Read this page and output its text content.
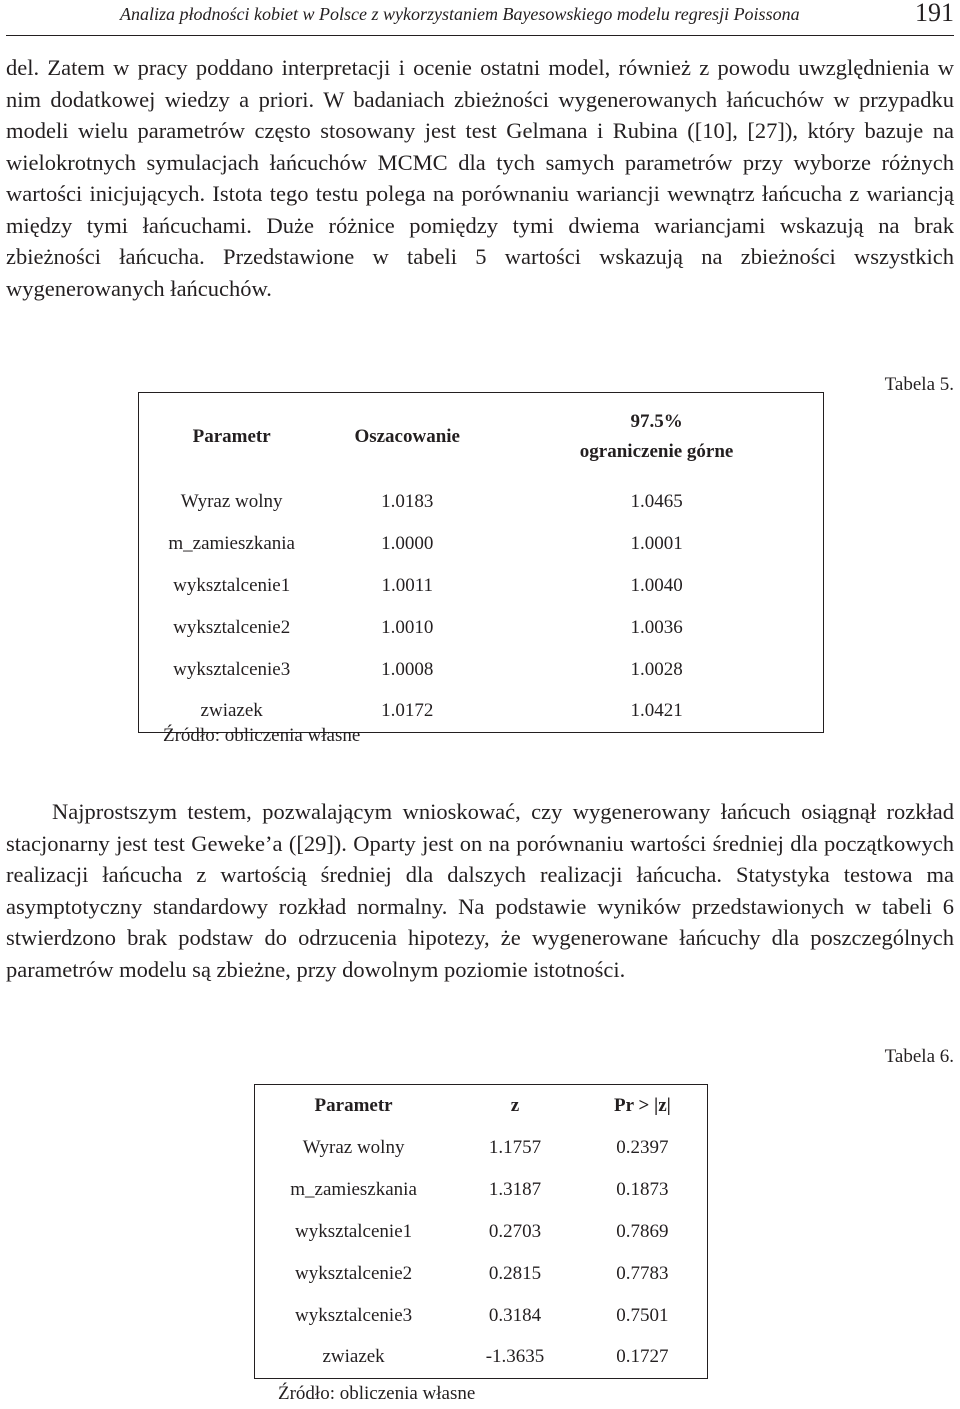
Analiza płodności kobiet w Polsce z wykorzystaniem Bayesowskiego modelu regresji Poissona	191

del. Zatem w pracy poddano interpretacji i ocenie ostatni model, również z powodu uwzględnienia w nim dodatkowej wiedzy a priori. W badaniach zbieżności wygenerowanych łańcuchów w przypadku modeli wielu parametrów często stosowany jest test Gelmana i Rubina ([10], [27]), który bazuje na wielokrotnych symulacjach łańcuchów MCMC dla tych samych parametrów przy wyborze różnych wartości inicjujących. Istota tego testu polega na porównaniu wariancji wewnątrz łańcucha z wariancją między tymi łańcuchami. Duże różnice pomiędzy tymi dwiema wariancjami wskazują na brak zbieżności łańcucha. Przedstawione w tabeli 5 wartości wskazują na zbieżności wszystkich wygenerowanych łańcuchów.

Tabela 5.
Parametr	Oszacowanie	97.5%
ograniczenie górne

Wyraz wolny	1.0183	1.0465
m_zamieszkania	1.0000	1.0001
wyksztalcenie1	1.0011	1.0040
wyksztalcenie2	1.0010	1.0036
wyksztalcenie3	1.0008	1.0028
zwiazek	1.0172	1.0421
Źródło: obliczenia własne

Najprostszym testem, pozwalającym wnioskować, czy wygenerowany łańcuch osiągnął rozkład stacjonarny jest test Geweke’a ([29]). Oparty jest on na porównaniu wartości średniej dla początkowych realizacji łańcucha z wartością średniej dla dalszych realizacji łańcucha. Statystyka testowa ma asymptotyczny standardowy rozkład normalny. Na podstawie wyników przedstawionych w tabeli 6 stwierdzono brak podstaw do odrzucenia hipotezy, że wygenerowane łańcuchy dla poszczególnych parametrów modelu są zbieżne, przy dowolnym poziomie istotności.

Tabela 6.
Parametr	z	Pr > |z|
Wyraz wolny	1.1757	0.2397
m_zamieszkania	1.3187	0.1873
wyksztalcenie1	0.2703	0.7869
wyksztalcenie2	0.2815	0.7783
wyksztalcenie3	0.3184	0.7501
zwiazek	-1.3635	0.1727
Źródło: obliczenia własne
